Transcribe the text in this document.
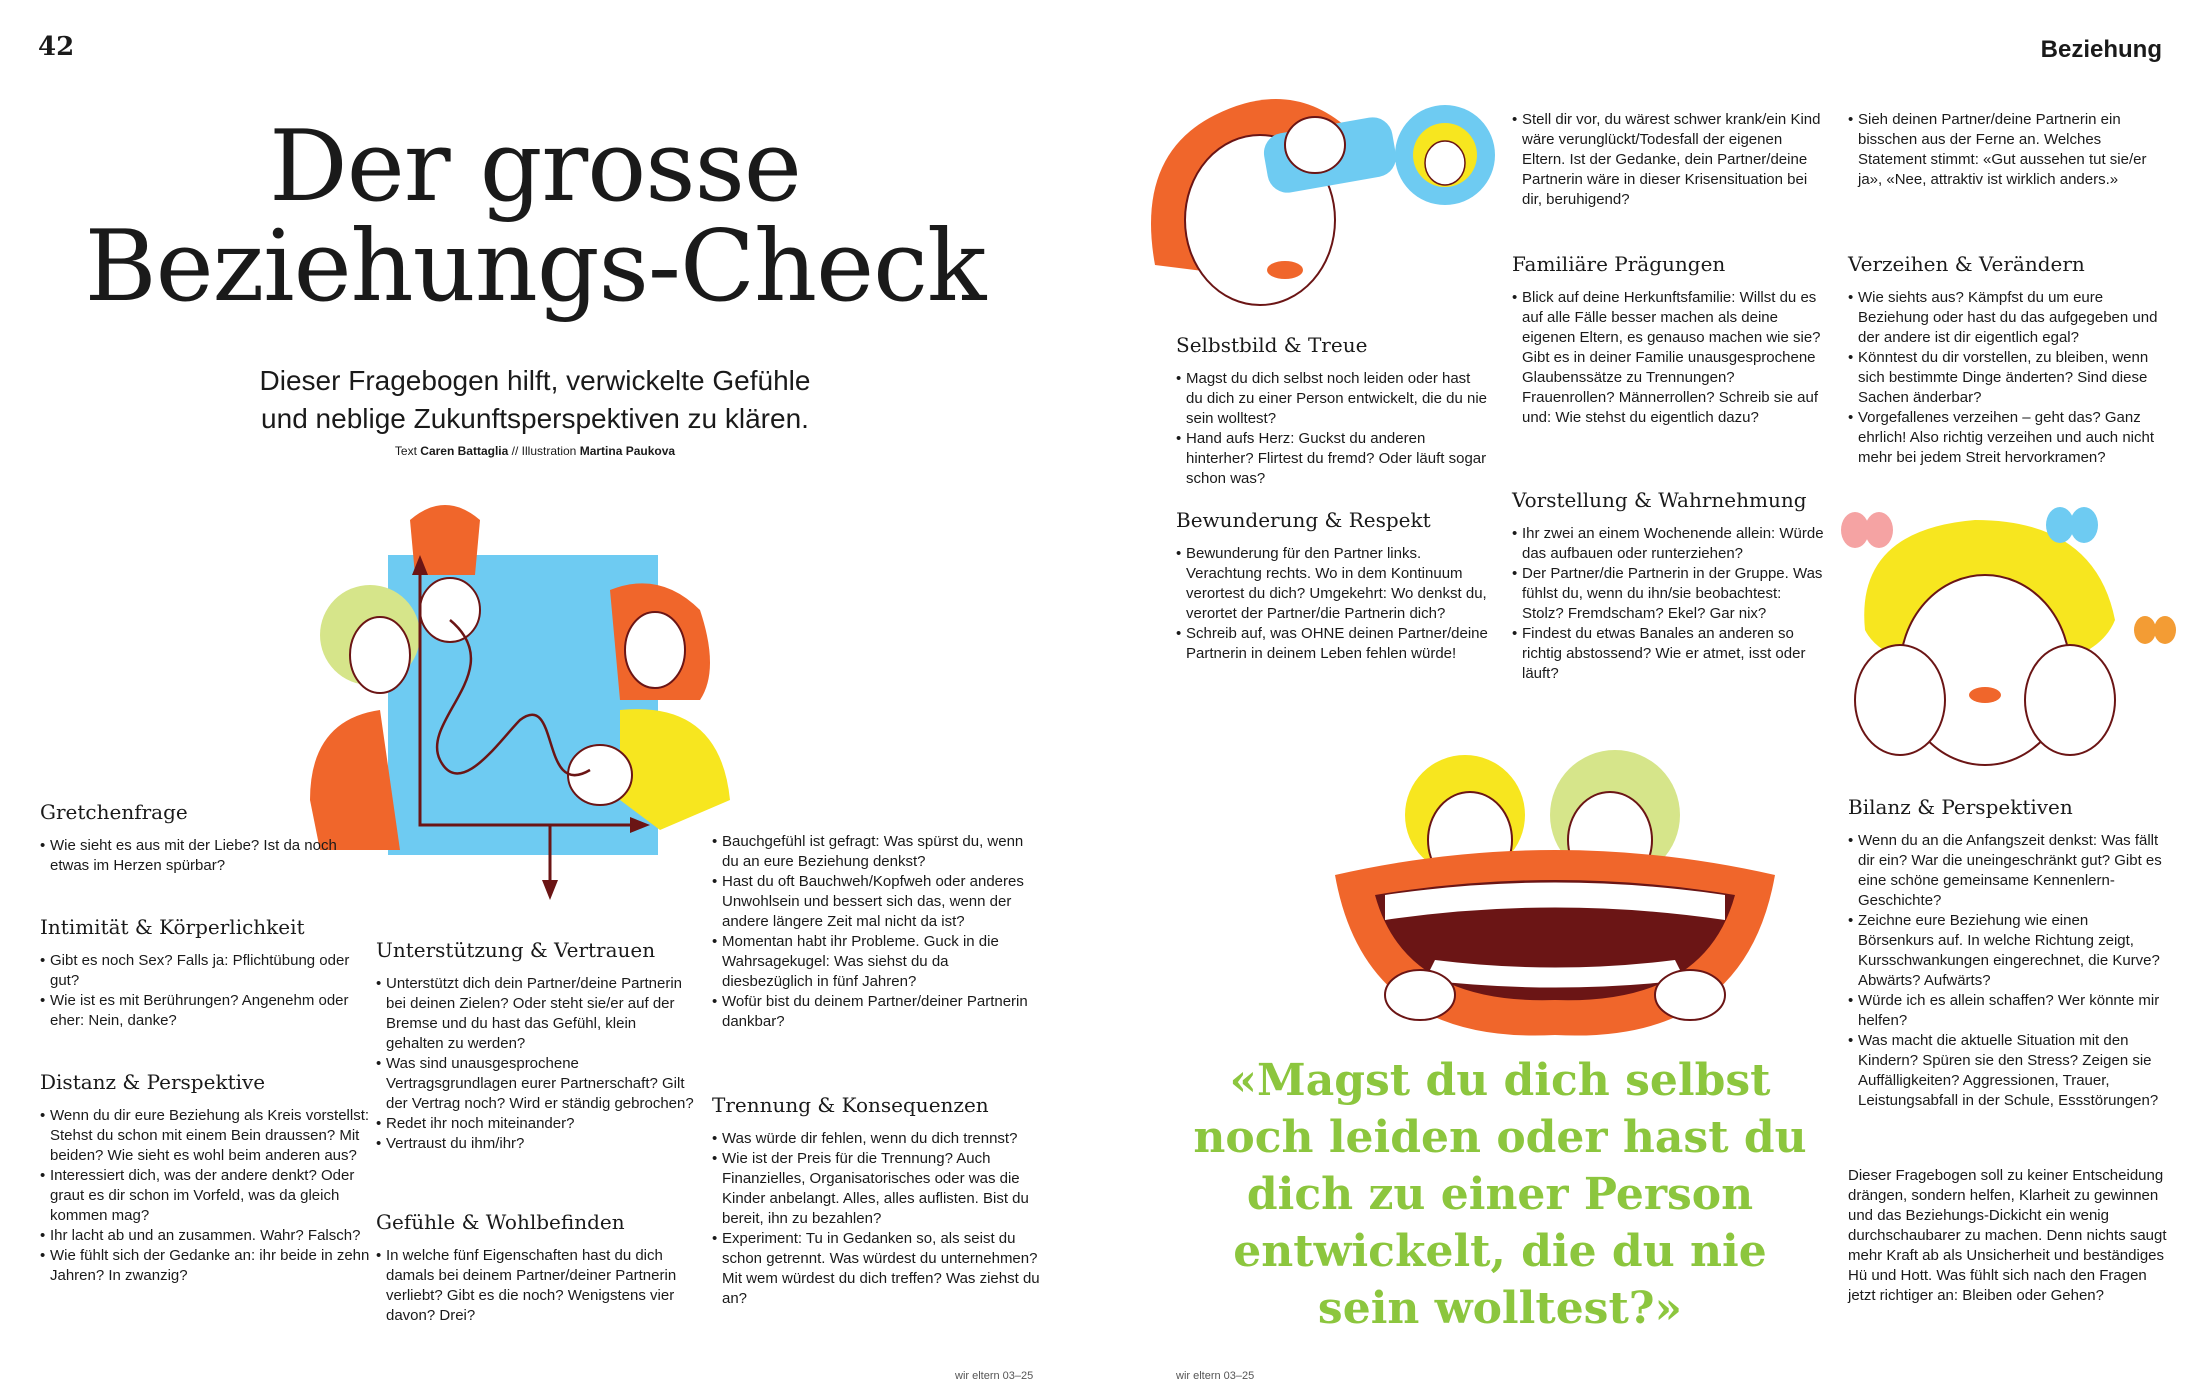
42	Beziehung
Der grosse
Beziehungs-Check
Dieser Fragebogen hilft, verwickelte Gefühle
und neblige Zukunftsperspektiven zu klären.
Text Caren Battaglia // Illustration Martina Paukova
Gretchenfrage
• Wie sieht es aus mit der Liebe? Ist da noch etwas im Herzen spürbar?
Intimität & Körperlichkeit
• Gibt es noch Sex? Falls ja: Pflichtübung oder gut?
• Wie ist es mit Berührungen? Angenehm oder eher: Nein, danke?
Distanz & Perspektive
• Wenn du dir eure Beziehung als Kreis vorstellst: Stehst du schon mit einem Bein draussen? Mit beiden? Wie sieht es wohl beim anderen aus?
• Interessiert dich, was der andere denkt? Oder graut es dir schon im Vorfeld, was da gleich kommen mag?
• Ihr lacht ab und an zusammen. Wahr? Falsch?
• Wie fühlt sich der Gedanke an: ihr beide in zehn Jahren? In zwanzig?
Unterstützung & Vertrauen
• Unterstützt dich dein Partner/deine Partnerin bei deinen Zielen? Oder steht sie/er auf der Bremse und du hast das Gefühl, klein gehalten zu werden?
• Was sind unausgesprochene Vertragsgrundlagen eurer Partnerschaft? Gilt der Vertrag noch? Wird er ständig gebrochen?
• Redet ihr noch miteinander?
• Vertraust du ihm/ihr?
Gefühle & Wohlbefinden
• In welche fünf Eigenschaften hast du dich damals bei deinem Partner/deiner Partnerin verliebt? Gibt es die noch? Wenigstens vier davon? Drei?
• Bauchgefühl ist gefragt: Was spürst du, wenn du an eure Beziehung denkst?
• Hast du oft Bauchweh/Kopfweh oder anderes Unwohlsein und bessert sich das, wenn der andere längere Zeit mal nicht da ist?
• Momentan habt ihr Probleme. Guck in die Wahrsagekugel: Was siehst du da diesbezüglich in fünf Jahren?
• Wofür bist du deinem Partner/deiner Partnerin dankbar?
Trennung & Konsequenzen
• Was würde dir fehlen, wenn du dich trennst?
• Wie ist der Preis für die Trennung? Auch Finanzielles, Organisatorisches oder was die Kinder anbelangt. Alles, alles auflisten. Bist du bereit, ihn zu bezahlen?
• Experiment: Tu in Gedanken so, als seist du schon getrennt. Was würdest du unternehmen? Mit wem würdest du dich treffen? Was ziehst du an?
Selbstbild & Treue
• Magst du dich selbst noch leiden oder hast du dich zu einer Person entwickelt, die du nie sein wolltest?
• Hand aufs Herz: Guckst du anderen hinterher? Flirtest du fremd? Oder läuft sogar schon was?
Bewunderung & Respekt
• Bewunderung für den Partner links. Verachtung rechts. Wo in dem Kontinuum verortest du dich? Umgekehrt: Wo denkst du, verortet der Partner/die Partnerin dich?
• Schreib auf, was OHNE deinen Partner/deine Partnerin in deinem Leben fehlen würde!
• Stell dir vor, du wärest schwer krank/ein Kind wäre verunglückt/Todesfall der eigenen Eltern. Ist der Gedanke, dein Partner/deine Partnerin wäre in dieser Krisensituation bei dir, beruhigend?
Familiäre Prägungen
• Blick auf deine Herkunftsfamilie: Willst du es auf alle Fälle besser machen als deine eigenen Eltern, es genauso machen wie sie? Gibt es in deiner Familie unausgesprochene Glaubenssätze zu Trennungen? Frauenrollen? Männerrollen? Schreib sie auf und: Wie stehst du eigentlich dazu?
Vorstellung & Wahrnehmung
• Ihr zwei an einem Wochenende allein: Würde das aufbauen oder runterziehen?
• Der Partner/die Partnerin in der Gruppe. Was fühlst du, wenn du ihn/sie beobachtest: Stolz? Fremdscham? Ekel? Gar nix?
• Findest du etwas Banales an anderen so richtig abstossend? Wie er atmet, isst oder läuft?
• Sieh deinen Partner/deine Partnerin ein bisschen aus der Ferne an. Welches Statement stimmt: «Gut aussehen tut sie/er ja», «Nee, attraktiv ist wirklich anders.»
Verzeihen & Verändern
• Wie siehts aus? Kämpfst du um eure Beziehung oder hast du das aufgegeben und der andere ist dir eigentlich egal?
• Könntest du dir vorstellen, zu bleiben, wenn sich bestimmte Dinge änderten? Sind diese Sachen änderbar?
• Vorgefallenes verzeihen – geht das? Ganz ehrlich! Also richtig verzeihen und auch nicht mehr bei jedem Streit hervorkramen?
Bilanz & Perspektiven
• Wenn du an die Anfangszeit denkst: Was fällt dir ein? War die uneingeschränkt gut? Gibt es eine schöne gemeinsame Kennenlern-Geschichte?
• Zeichne eure Beziehung wie einen Börsenkurs auf. In welche Richtung zeigt, Kursschwankungen eingerechnet, die Kurve? Abwärts? Aufwärts?
• Würde ich es allein schaffen? Wer könnte mir helfen?
• Was macht die aktuelle Situation mit den Kindern? Spüren sie den Stress? Zeigen sie Auffälligkeiten? Aggressionen, Trauer, Leistungsabfall in der Schule, Essstörungen?
«Magst du dich selbst noch leiden oder hast du dich zu einer Person entwickelt, die du nie sein wolltest?»

Dieser Fragebogen soll zu keiner Entscheidung drängen, sondern helfen, Klarheit zu gewinnen und das Beziehungs-Dickicht ein wenig durchschaubarer zu machen. Denn nichts saugt mehr Kraft ab als Unsicherheit und beständiges Hü und Hott. Was fühlt sich nach den Fragen jetzt richtiger an: Bleiben oder Gehen?

wir eltern 03–25	wir eltern 03–25
